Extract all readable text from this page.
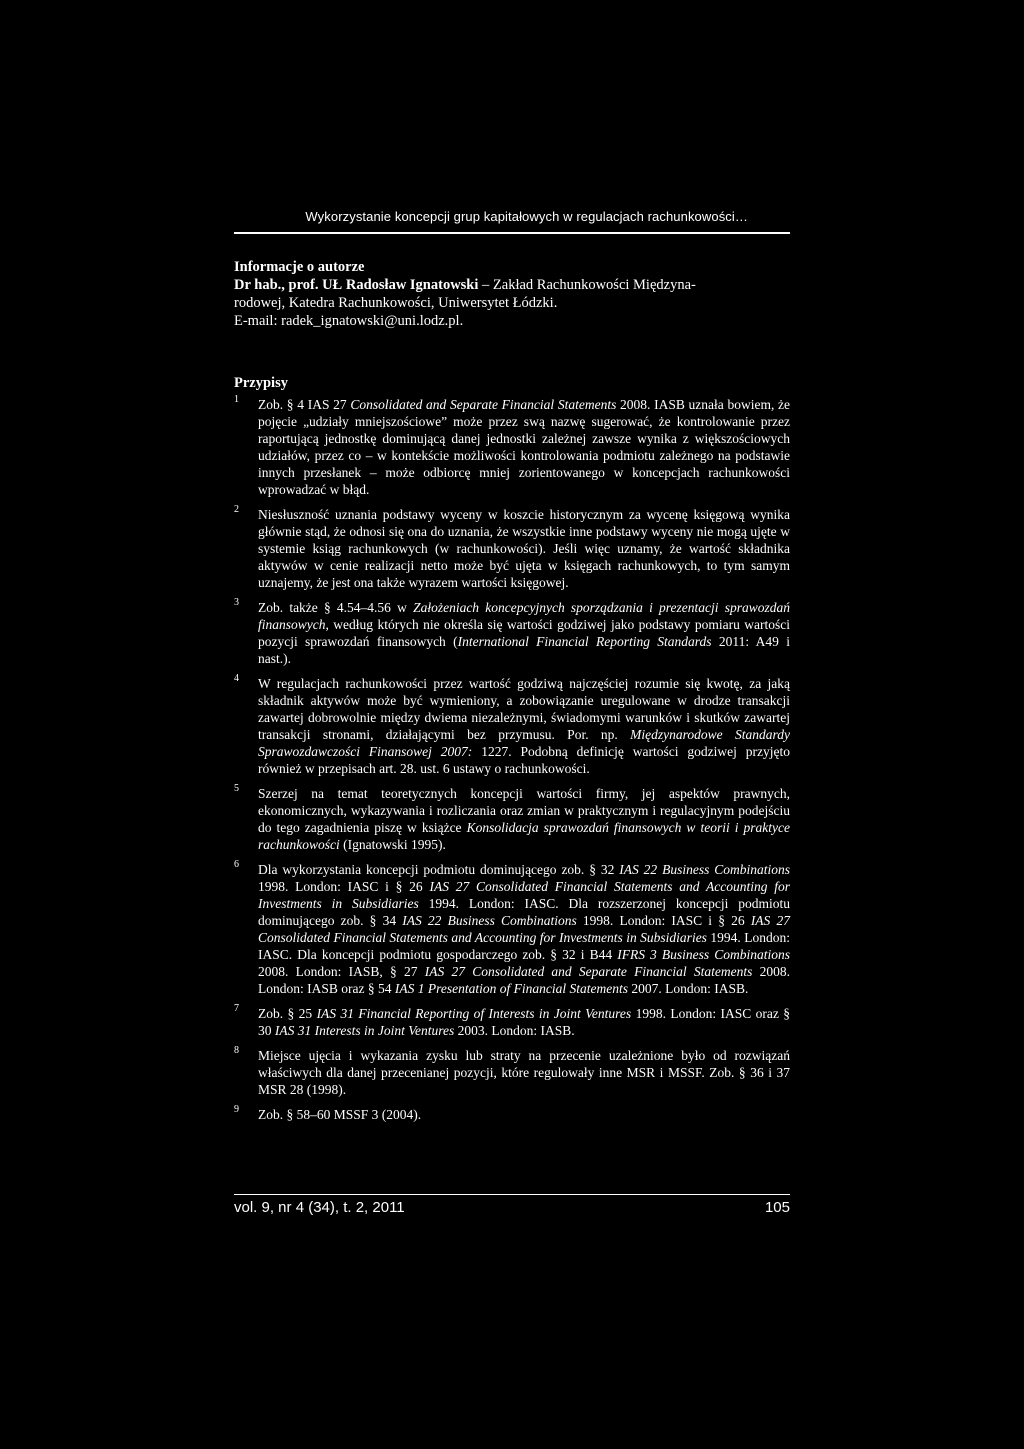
Wykorzystanie koncepcji grup kapitałowych w regulacjach rachunkowości…
Informacje o autorze
Dr hab., prof. UŁ Radosław Ignatowski – Zakład Rachunkowości Międzyna-
rodowej, Katedra Rachunkowości, Uniwersytet Łódzki.
E-mail: radek_ignatowski@uni.lodz.pl.
Przypisy
1 Zob. § 4 IAS 27 Consolidated and Separate Financial Statements 2008. IASB uznała bowiem, że pojęcie „udziały mniejszościowe” może przez swą nazwę sugerować, że kontrolowanie przez raportującą jednostkę dominującą danej jednostki zależnej zawsze wynika z większościowych udziałów, przez co – w kontekście możliwości kontrolowania podmiotu zależnego na podstawie innych przesłanek – może odbiorcę mniej zorientowanego w koncepcjach rachunkowości wprowadzać w błąd.
2 Niesłuszność uznania podstawy wyceny w koszcie historycznym za wycenę księgową wynika głównie stąd, że odnosi się ona do uznania, że wszystkie inne podstawy wyceny nie mogą ujęte w systemie ksiąg rachunkowych (w rachunkowości). Jeśli więc uznamy, że wartość składnika aktywów w cenie realizacji netto może być ujęta w księgach rachunkowych, to tym samym uznajemy, że jest ona także wyrazem wartości księgowej.
3 Zob. także § 4.54–4.56 w Założeniach koncepcyjnych sporządzania i prezentacji sprawozdań finansowych, według których nie określa się wartości godziwej jako podstawy pomiaru wartości pozycji sprawozdań finansowych (International Financial Reporting Standards 2011: A49 i nast.).
4 W regulacjach rachunkowości przez wartość godziwą najczęściej rozumie się kwotę, za jaką składnik aktywów może być wymieniony, a zobowiązanie uregulowane w drodze transakcji zawartej dobrowolnie między dwiema niezależnymi, świadomymi warunków i skutków zawartej transakcji stronami, działającymi bez przymusu. Por. np. Międzynarodowe Standardy Sprawozdawczości Finansowej 2007: 1227. Podobną definicję wartości godziwej przyjęto również w przepisach art. 28. ust. 6 ustawy o rachunkowości.
5 Szerzej na temat teoretycznych koncepcji wartości firmy, jej aspektów prawnych, ekonomicznych, wykazywania i rozliczania oraz zmian w praktycznym i regulacyjnym podejściu do tego zagadnienia piszę w książce Konsolidacja sprawozdań finansowych w teorii i praktyce rachunkowości (Ignatowski 1995).
6 Dla wykorzystania koncepcji podmiotu dominującego zob. § 32 IAS 22 Business Combinations 1998. London: IASC i § 26 IAS 27 Consolidated Financial Statements and Accounting for Investments in Subsidiaries 1994. London: IASC. Dla rozszerzonej koncepcji podmiotu dominującego zob. § 34 IAS 22 Business Combinations 1998. London: IASC i § 26 IAS 27 Consolidated Financial Statements and Accounting for Investments in Subsidiaries 1994. London: IASC. Dla koncepcji podmiotu gospodarczego zob. § 32 i B44 IFRS 3 Business Combinations 2008. London: IASB, § 27 IAS 27 Consolidated and Separate Financial Statements 2008. London: IASB oraz § 54 IAS 1 Presentation of Financial Statements 2007. London: IASB.
7 Zob. § 25 IAS 31 Financial Reporting of Interests in Joint Ventures 1998. London: IASC oraz § 30 IAS 31 Interests in Joint Ventures 2003. London: IASB.
8 Miejsce ujęcia i wykazania zysku lub straty na przecenie uzależnione było od rozwiązań właściwych dla danej przecenianej pozycji, które regulowały inne MSR i MSSF. Zob. § 36 i 37 MSR 28 (1998).
9 Zob. § 58–60 MSSF 3 (2004).
vol. 9, nr 4 (34), t. 2, 2011	105
